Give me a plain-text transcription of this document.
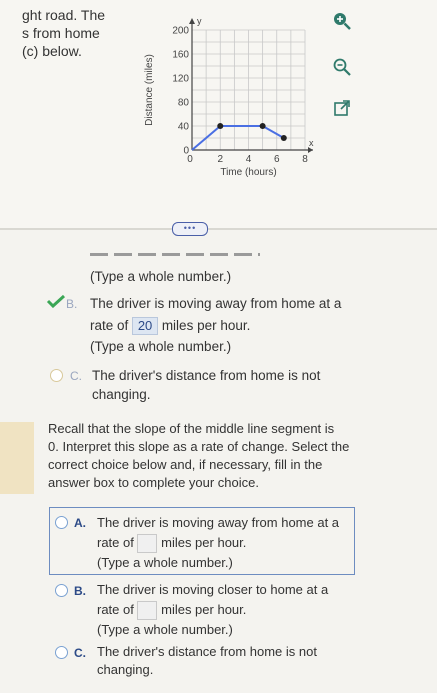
ght road. The
s from home
(c) below.
x
y
0
40
80
120
160
200
0 2 4 6 8
Time (hours)
Distance (miles)
•••
(Type a whole number.)
B. The driver is moving away from home at a
rate of 20 miles per hour.
(Type a whole number.)
C. The driver's distance from home is not
changing.
Recall that the slope of the middle line segment is
0. Interpret this slope as a rate of change. Select the
correct choice below and, if necessary, fill in the
answer box to complete your choice.
A. The driver is moving away from home at a
rate of miles per hour.
(Type a whole number.)
B. The driver is moving closer to home at a
rate of miles per hour.
(Type a whole number.)
C. The driver's distance from home is not
changing.
